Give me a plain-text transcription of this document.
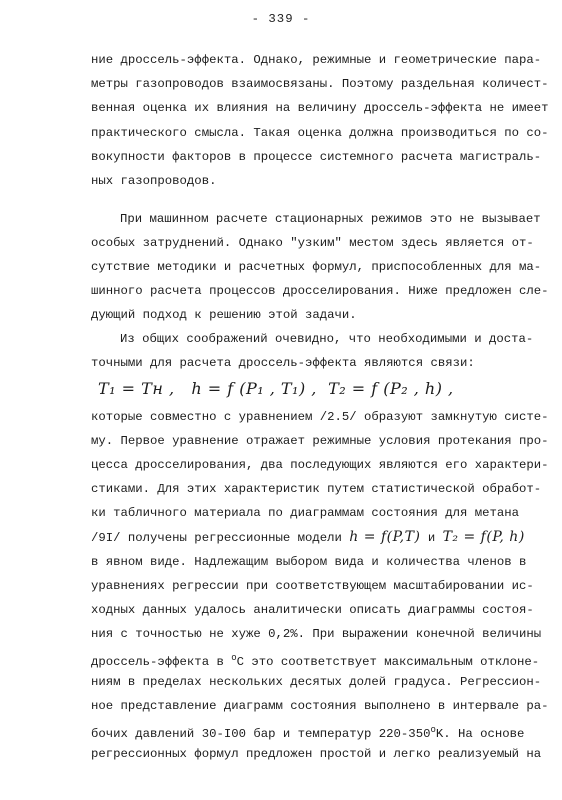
- 339 -
ние дроссель-эффекта. Однако, режимные и геометрические пара-
метры газопроводов взаимосвязаны. Поэтому раздельная количест-
венная оценка их влияния на величину дроссель-эффекта не имеет
практического смысла. Такая оценка должна производиться по со-
вокупности факторов в процессе системного расчета магистраль-
ных газопроводов.
При машинном расчете стационарных режимов это не вызывает
особых затруднений. Однако "узким" местом здесь является от-
сутствие методики и расчетных формул, приспособленных для ма-
шинного расчета процессов дросселирования. Ниже предложен сле-
дующий подход к решению этой задачи.
Из общих соображений очевидно, что необходимыми и доста-
точными для расчета дроссель-эффекта являются связи:
T₁ = Tн , h = f (P₁ , T₁) , T₂ = f (P₂ , h) ,
которые совместно с уравнением /2.5/ образуют замкнутую систе-
му. Первое уравнение отражает режимные условия протекания про-
цесса дросселирования, два последующих являются его характери-
стиками. Для этих характеристик путем статистической обработ-
ки табличного материала по диаграммам состояния для метана
/9I/ получены регрессионные модели h = f(P,T) и T₂ = f(P, h)
в явном виде. Надлежащим выбором вида и количества членов в
уравнениях регрессии при соответствующем масштабировании ис-
ходных данных удалось аналитически описать диаграммы состоя-
ния с точностью не хуже 0,2%. При выражении конечной величины
дроссель-эффекта в $^o$C это соответствует максимальным отклоне-
ниям в пределах нескольких десятых долей градуса. Регрессион-
ное представление диаграмм состояния выполнено в интервале ра-
бочих давлений 30-I00 бар и температур 220-350$^o$K. На основе
регрессионных формул предложен простой и легко реализуемый на
